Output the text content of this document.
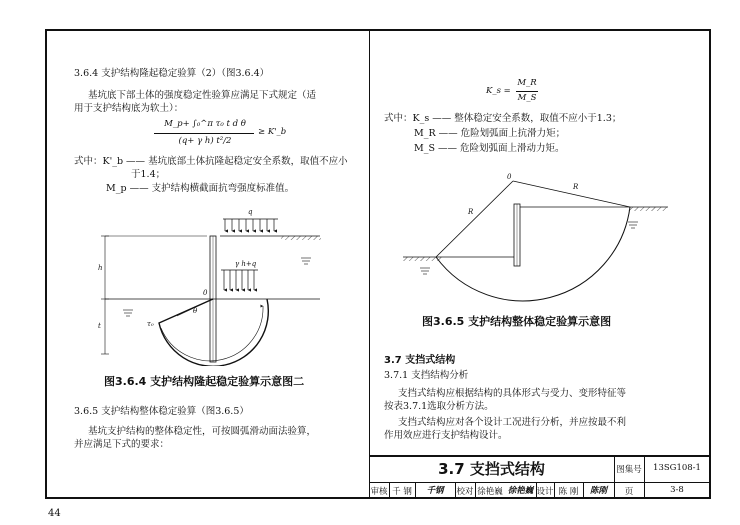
3.6.4 支护结构隆起稳定验算（2）（图3.6.4）
基坑底下部土体的强度稳定性验算应满足下式规定（适
用于支护结构底为软土）：
M_p+ ∫₀^π τ₀ t d θ
(q+ γ h) t²/2
≥ K'_b
式中：K'_b —— 基坑底部土体抗隆起稳定安全系数，取值不应小
于1.4；
M_p —— 支护结构横截面抗弯强度标准值。
q
γ h+q
h
t
0
θ
τ₀
图3.6.4 支护结构隆起稳定验算示意图二
3.6.5 支护结构整体稳定验算（图3.6.5）
基坑支护结构的整体稳定性，可按圆弧滑动面法验算，
并应满足下式的要求：
K_s =
M_R
M_S
式中：K_s —— 整体稳定安全系数，取值不应小于1.3；
M_R —— 危险划弧面上抗滑力矩；
M_S —— 危险划弧面上滑动力矩。
0
R
R
图3.6.5 支护结构整体稳定验算示意图
3.7 支挡式结构
3.7.1 支挡结构分析
支挡式结构应根据结构的具体形式与受力、变形特征等
按表3.7.1选取分析方法。
支挡式结构应对各个设计工况进行分析，并应按最不利
作用效应进行支护结构设计。
3.7 支挡式结构	图集号	13SG108-1
审核 千 钢	千钢	校对 徐艳巍 徐艳巍 设计 陈 刚	陈刚	页	3-8
44
